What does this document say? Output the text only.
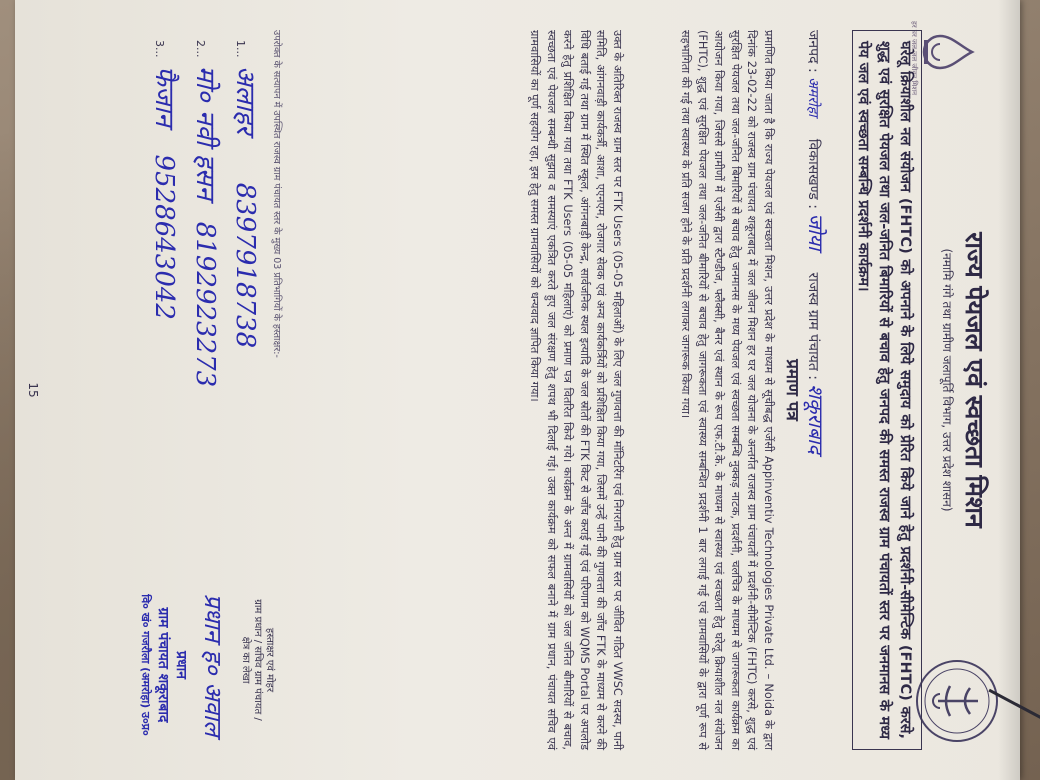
हर घर जल जल जीवन मिशन
राज्य पेयजल एवं स्वच्छता मिशन
(नमामि गंगे तथा ग्रामीण जलापूर्ति विभाग, उत्तर प्रदेश शासन)
घरेलू क्रियाशील नल संयोजन (FHTC) को अपनाने के लिये समुदाय को प्रेरित किये जाने हेतु प्रदर्शनी-सीमेन्टिक (FHTC) करसे, शुद्ध एवं सुरक्षित पेयजल तथा जल-जनित बिमारियों से बचाव हेतु जनपद की समस्त राजस्व ग्राम पंचायतों स्तर पर जनमानस के मध्य पेय जल एवं स्वच्छता सम्बन्धि प्रदर्शनी कार्यक्रम।
जनपद : अमरोहा     विकासखण्ड : जोया     राजस्व ग्राम पंचायत : शकूराबाद
प्रमाण पत्र
प्रमाणित किया जाता है कि राज्य पेयजल एवं स्वच्छता मिशन, उत्तर प्रदेश के माध्यम से सूचीबद्ध एजेंसी Appinventiv Technologies Private Ltd. – Noida के द्वारा दिनांक 23-02-22 को राजस्व ग्राम पंचायत शकूराबाद में जल जीवन मिशन हर घर जल योजना के अन्तर्गत राजस्व ग्राम पंचायतों में प्रदर्शनी-सीमेन्टिक (FHTC) करसे, शुद्ध एवं सुरक्षित पेयजल तथा जल-जनित बिमारियों से बचाव हेतु जनमानस के मध्य पेयजल एवं स्वच्छता सम्बन्धि नुक्कड़ नाटक, प्रदर्शनी, चलचित्र के माध्यम से जागरूकता कार्यक्रम का आयोजन किया गया, जिससे ग्रामीणों में एजेंसी द्वारा स्टैण्डीज, फ्लैक्सी, बैनर एवं स्थान के रूप एफ.टी.के. के माध्यम से स्वास्थ्य एवं स्वच्छता हेतु घरेलू क्रियाशील नल संयोजन (FHTC), शुद्ध एवं सुरक्षित पेयजल तथा जल-जनित बीमारियों से बचाव हेतु जागरूकता एवं स्वास्थ्य सम्बन्धित प्रदर्शनी 1 बार लगाई गई एवं ग्रामवासियों के द्वारा पूर्ण रूप से सहभागिता की गई तथा स्वास्थ्य के प्रति सजग होने के प्रति प्रदर्शनी लगाकर जागरूक किया गया।
उक्त के अतिरिक्त राजस्व ग्राम स्तर पर FTK Users (05-05 महिलाओं) के लिए जल गुणवत्ता की मॉनिटरिंग एवं निगरानी हेतु ग्राम स्तर पर जीवित गठित VWSC सदस्य, पानी समिति, आंगनवाड़ी कार्यकर्त्री, आशा, एएनएम, रोजगार सेवक एवं अन्य कार्यकर्त्रियों को प्रशिक्षित किया गया, जिसमें उन्हें पानी की गुणवत्ता की जाँच FTK के माध्यम से करने की विधि बताई गई तथा ग्राम में स्थित स्कूल, आंगनबाड़ी केन्द्र, सार्वजनिक स्थल इत्यादि के जल स्रोतों की FTK किट से जाँच कराई गई एवं परिणाम को WQMS Portal पर अपलोड करने हेतु प्रशिक्षित किया गया तथा FTK Users (05-05 महिलाएं) को प्रमाण पत्र वितरित किये गये। कार्यक्रम के अन्त में ग्रामवासियों को जल जनित बीमारियों से बचाव, स्वच्छता एवं पेयजल सम्बन्धी सुझाव व समस्याएं एकत्रित करते हुए जल संरक्षण हेतु शपथ भी दिलाई गई। उक्त कार्यक्रम को सफल बनाने में ग्राम प्रधान, पंचायत सचिव एवं ग्रामवासियों का पूर्ण सहयोग रहा, इस हेतु समस्त ग्रामवासियों को धन्यवाद ज्ञापित किया गया।
उपरोक्त के सत्यापन में उपस्थित राजस्व ग्राम पंचायत स्तर के मुख्य 03 प्रतिभागियों के हस्ताक्षर:-
1... अलाहर 8397918738
2... मो० नवी हसन 8192923273
3... फैजान 9528643042
हस्ताक्षर एवं मोहर
ग्राम प्रधान / सचिव ग्राम पंचायत /
क्षेत्र का लेखा
प्रधान ह० अवाल
प्रधान
ग्राम पंचायत शकूराबाद
वि० खं० गजरौला (अमरोहा) उ०प्र०
15
